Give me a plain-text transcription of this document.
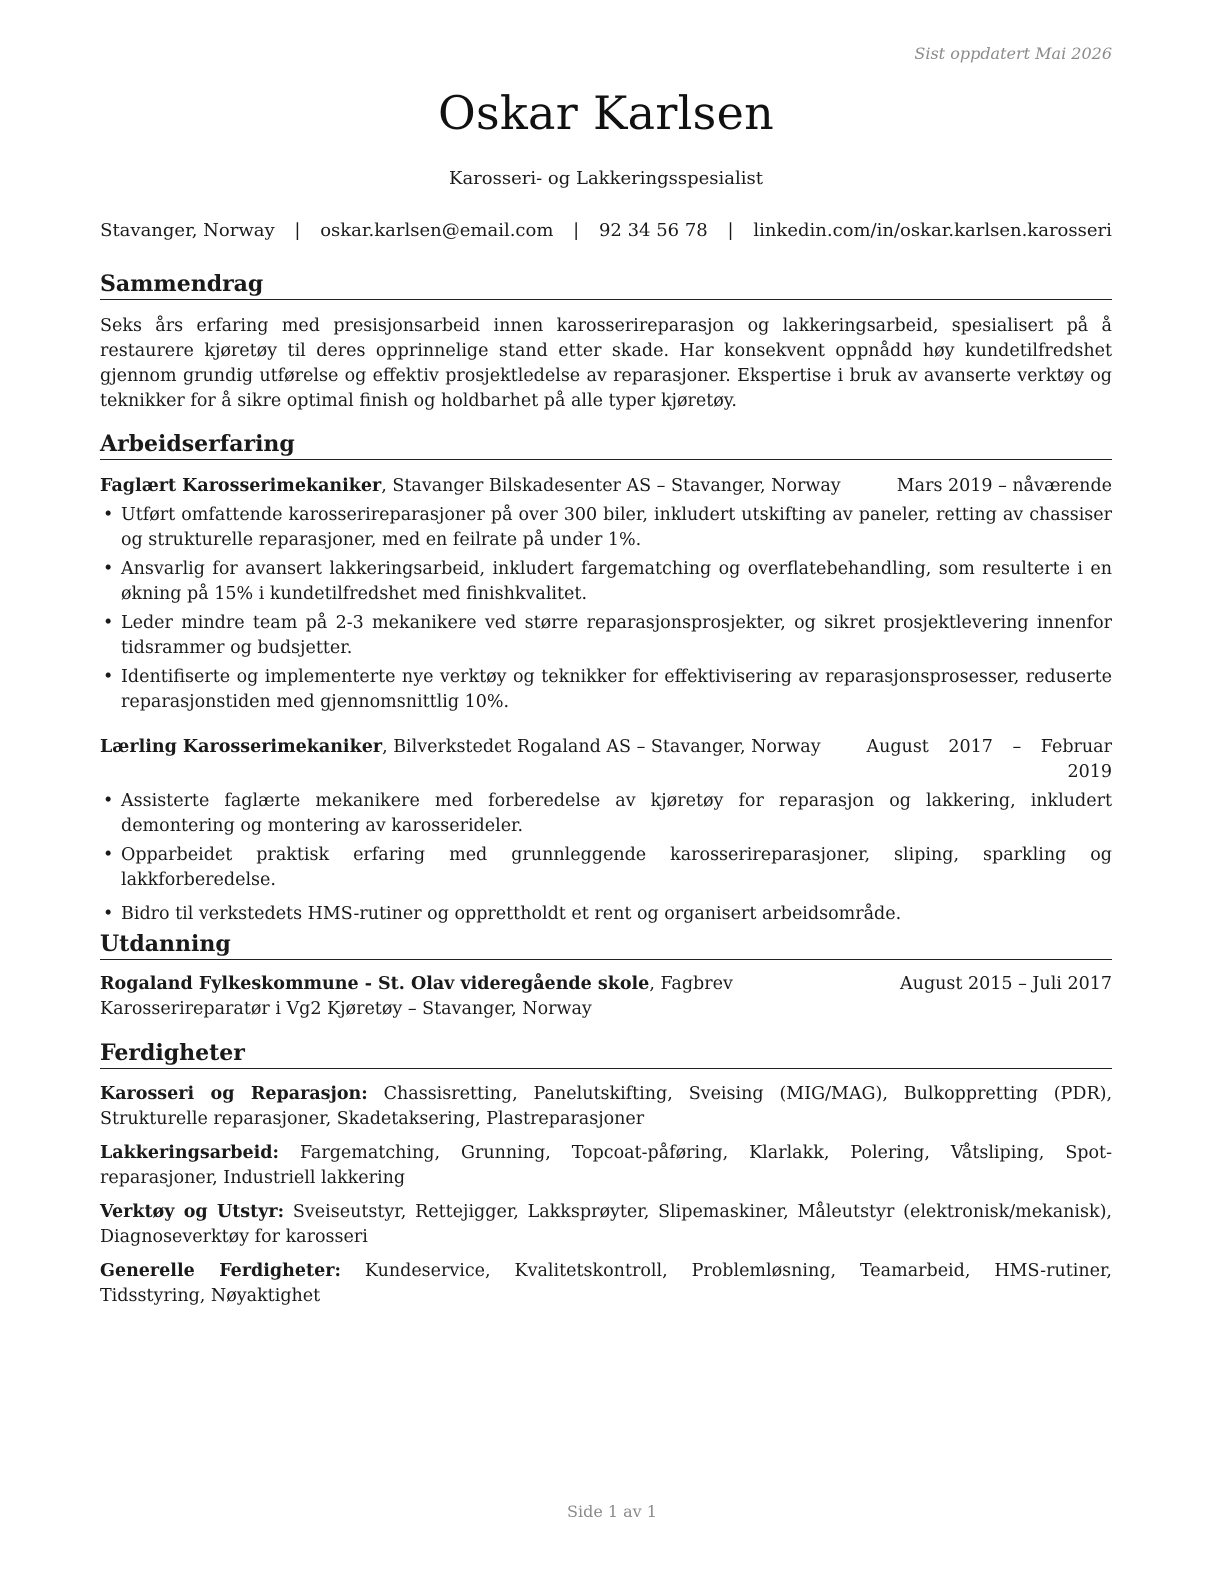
Sist oppdatert Mai 2026
Oskar Karlsen
Karosseri- og Lakkeringsspesialist
Stavanger, Norway | oskar.karlsen@email.com | 92 34 56 78 | linkedin.com/in/oskar.karlsen.karosseri
Sammendrag
Seks års erfaring med presisjonsarbeid innen karosserireparasjon og lakkeringsarbeid, spesialisert på å restaurere kjøretøy til deres opprinnelige stand etter skade. Har konsekvent oppnådd høy kundetilfredshet gjennom grundig utførelse og effektiv prosjektledelse av reparasjoner. Ekspertise i bruk av avanserte verktøy og teknikker for å sikre optimal finish og holdbarhet på alle typer kjøretøy.
Arbeidserfaring
Faglært Karosserimekaniker, Stavanger Bilskadesenter AS – Stavanger, Norway	Mars 2019 – nåværende
• Utført omfattende karosserireparasjoner på over 300 biler, inkludert utskifting av paneler, retting av chassiser og strukturelle reparasjoner, med en feilrate på under 1%.
• Ansvarlig for avansert lakkeringsarbeid, inkludert fargematching og overflatebehandling, som resulterte i en økning på 15% i kundetilfredshet med finishkvalitet.
• Leder mindre team på 2-3 mekanikere ved større reparasjonsprosjekter, og sikret prosjektlevering innenfor tidsrammer og budsjetter.
• Identifiserte og implementerte nye verktøy og teknikker for effektivisering av reparasjonsprosesser, reduserte reparasjonstiden med gjennomsnittlig 10%.
Lærling Karosserimekaniker, Bilverkstedet Rogaland AS – Stavanger, Norway	August 2017 – Februar
2019
• Assisterte faglærte mekanikere med forberedelse av kjøretøy for reparasjon og lakkering, inkludert demontering og montering av karosserideler.
• Opparbeidet praktisk erfaring med grunnleggende karosserireparasjoner, sliping, sparkling og lakkforberedelse.
• Bidro til verkstedets HMS-rutiner og opprettholdt et rent og organisert arbeidsområde.
Utdanning
August 2015 – Juli 2017
Rogaland Fylkeskommune - St. Olav videregående skole, Fagbrev Karosserireparatør i Vg2 Kjøretøy – Stavanger, Norway
Ferdigheter
Karosseri og Reparasjon: Chassisretting, Panelutskifting, Sveising (MIG/MAG), Bulkoppretting (PDR), Strukturelle reparasjoner, Skadetaksering, Plastreparasjoner
Lakkeringsarbeid: Fargematching, Grunning, Topcoat-påføring, Klarlakk, Polering, Våtsliping, Spot-reparasjoner, Industriell lakkering
Verktøy og Utstyr: Sveiseutstyr, Rettejigger, Lakksprøyter, Slipemaskiner, Måleutstyr (elektronisk/mekanisk), Diagnoseverktøy for karosseri
Generelle Ferdigheter: Kundeservice, Kvalitetskontroll, Problemløsning, Teamarbeid, HMS-rutiner, Tidsstyring, Nøyaktighet
Side 1 av 1
